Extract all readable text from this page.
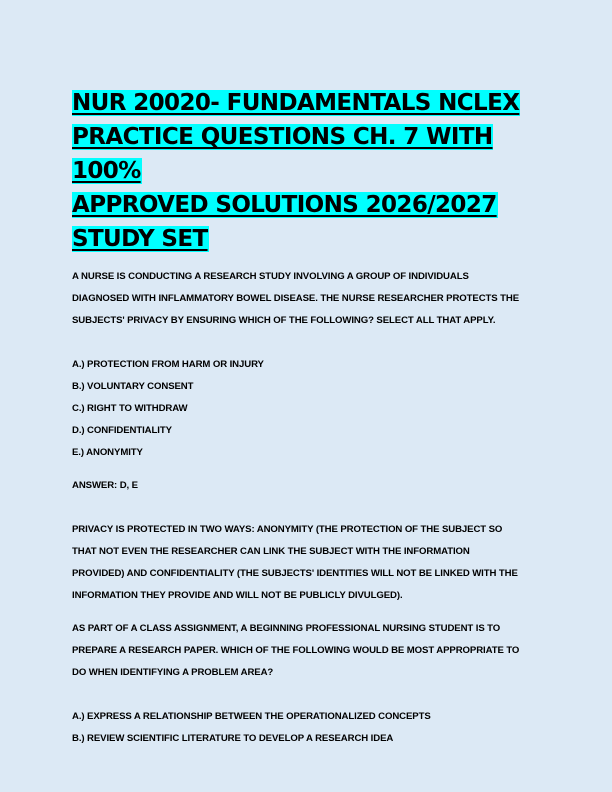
NUR 20020- FUNDAMENTALS NCLEX
PRACTICE QUESTIONS CH. 7 WITH 100%
APPROVED SOLUTIONS 2026/2027
STUDY SET

A NURSE IS CONDUCTING A RESEARCH STUDY INVOLVING A GROUP OF INDIVIDUALS
DIAGNOSED WITH INFLAMMATORY BOWEL DISEASE. THE NURSE RESEARCHER PROTECTS THE
SUBJECTS' PRIVACY BY ENSURING WHICH OF THE FOLLOWING? SELECT ALL THAT APPLY.

A.) PROTECTION FROM HARM OR INJURY
B.) VOLUNTARY CONSENT
C.) RIGHT TO WITHDRAW
D.) CONFIDENTIALITY
E.) ANONYMITY

ANSWER: D, E

PRIVACY IS PROTECTED IN TWO WAYS: ANONYMITY (THE PROTECTION OF THE SUBJECT SO
THAT NOT EVEN THE RESEARCHER CAN LINK THE SUBJECT WITH THE INFORMATION
PROVIDED) AND CONFIDENTIALITY (THE SUBJECTS' IDENTITIES WILL NOT BE LINKED WITH THE
INFORMATION THEY PROVIDE AND WILL NOT BE PUBLICLY DIVULGED).

AS PART OF A CLASS ASSIGNMENT, A BEGINNING PROFESSIONAL NURSING STUDENT IS TO
PREPARE A RESEARCH PAPER. WHICH OF THE FOLLOWING WOULD BE MOST APPROPRIATE TO
DO WHEN IDENTIFYING A PROBLEM AREA?

A.) EXPRESS A RELATIONSHIP BETWEEN THE OPERATIONALIZED CONCEPTS
B.) REVIEW SCIENTIFIC LITERATURE TO DEVELOP A RESEARCH IDEA
